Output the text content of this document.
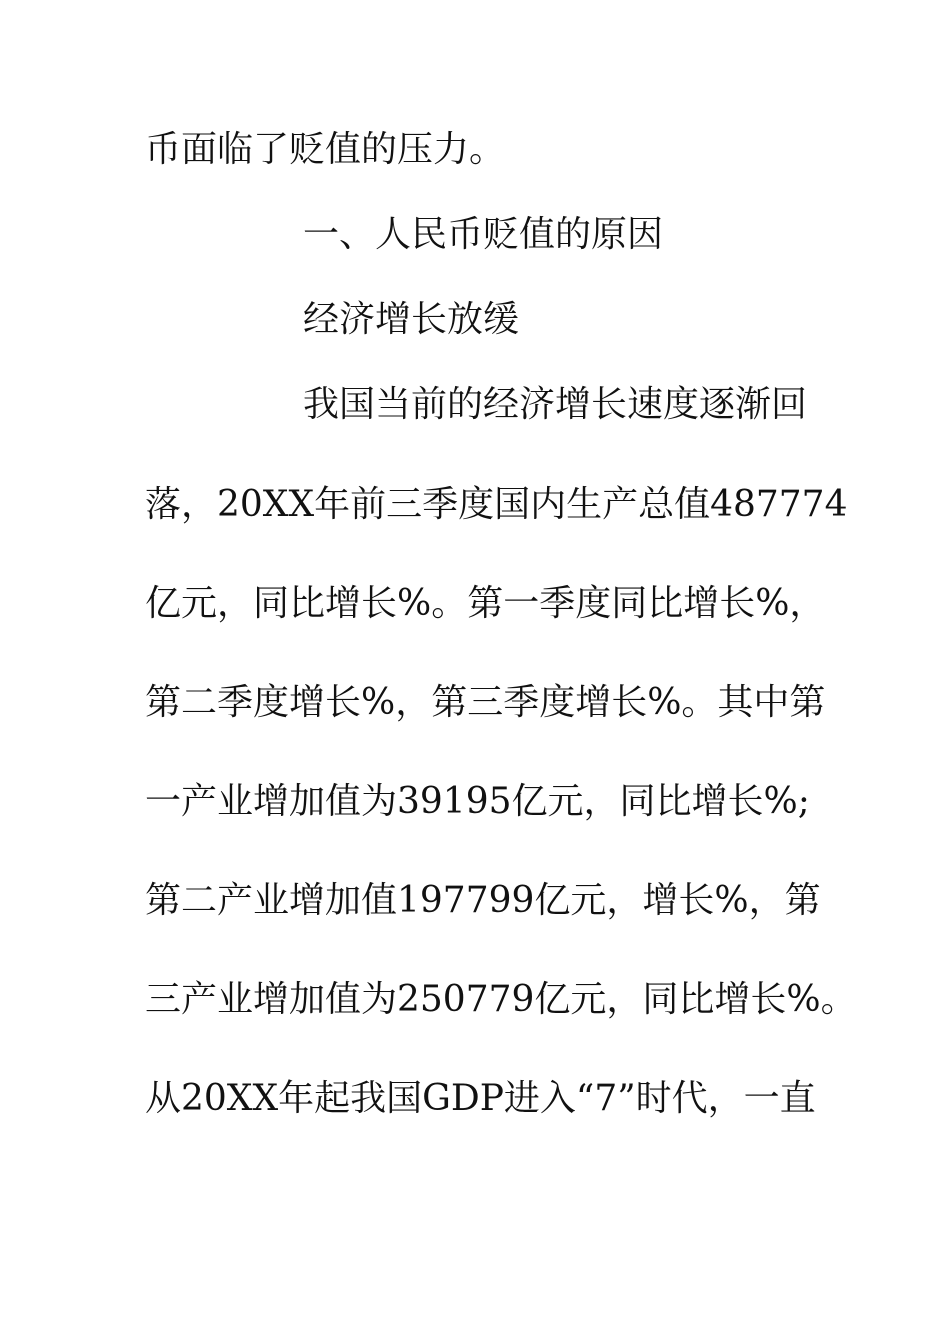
币面临了贬值的压力。
一、人民币贬值的原因
经济增长放缓
我国当前的经济增长速度逐渐回
落，20XX年前三季度国内生产总值487774
亿元，同比增长%。第一季度同比增长%，
第二季度增长%，第三季度增长%。其中第
一产业增加值为39195亿元，同比增长%;
第二产业增加值197799亿元，增长%，第
三产业增加值为250779亿元，同比增长%。
从20XX年起我国GDP进入“7”时代，一直
